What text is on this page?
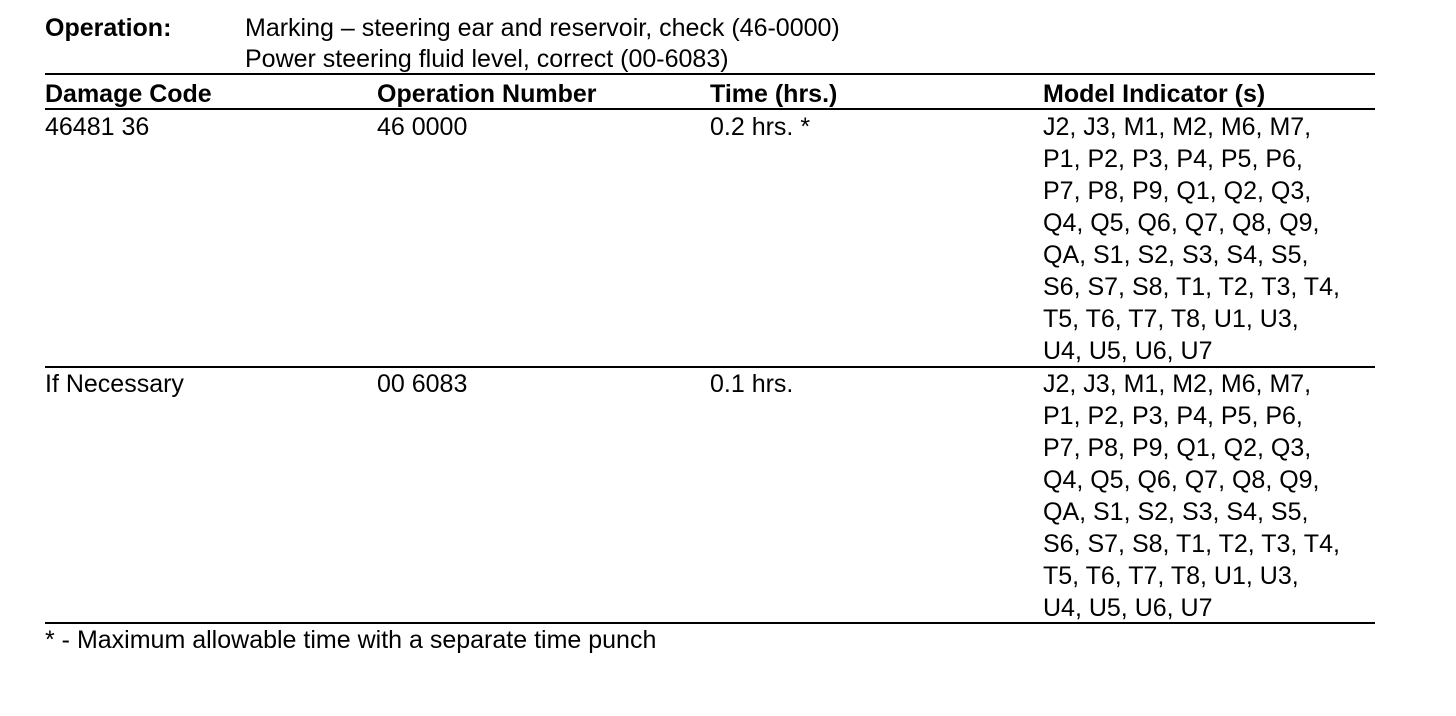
Operation:	Marking – steering ear and reservoir, check (46-0000)
Power steering fluid level, correct (00-6083)
Damage Code	Operation Number	Time (hrs.)	Model Indicator (s)
46481 36	46 0000	0.2 hrs. *	J2, J3, M1, M2, M6, M7,
P1, P2, P3, P4, P5, P6,
P7, P8, P9, Q1, Q2, Q3,
Q4, Q5, Q6, Q7, Q8, Q9,
QA, S1, S2, S3, S4, S5,
S6, S7, S8, T1, T2, T3, T4,
T5, T6, T7, T8, U1, U3,
U4, U5, U6, U7
If Necessary	00 6083	0.1 hrs.	J2, J3, M1, M2, M6, M7,
P1, P2, P3, P4, P5, P6,
P7, P8, P9, Q1, Q2, Q3,
Q4, Q5, Q6, Q7, Q8, Q9,
QA, S1, S2, S3, S4, S5,
S6, S7, S8, T1, T2, T3, T4,
T5, T6, T7, T8, U1, U3,
U4, U5, U6, U7
* - Maximum allowable time with a separate time punch
